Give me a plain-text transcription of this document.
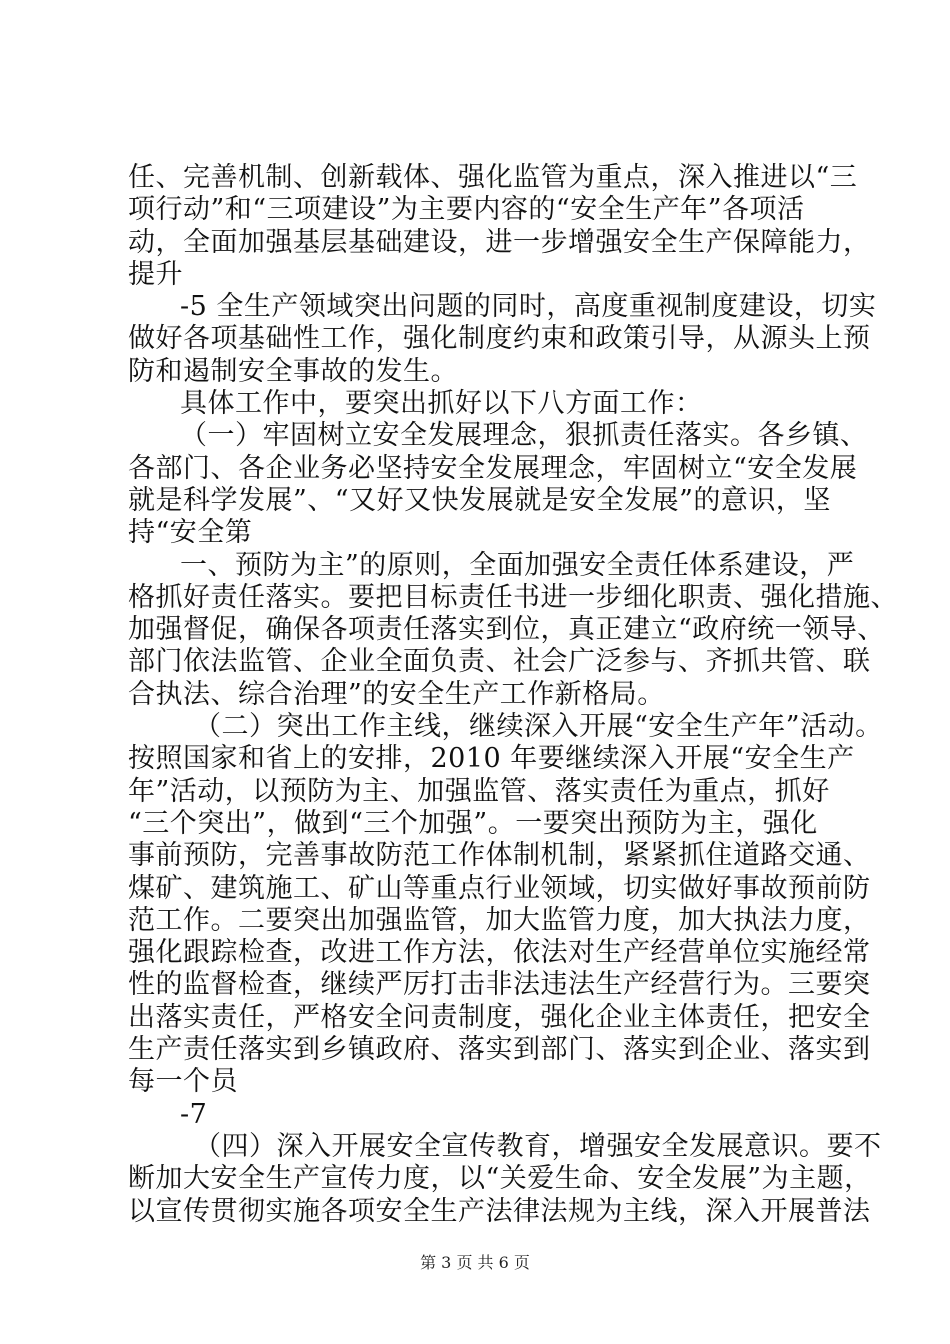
任、完善机制、创新载体、强化监管为重点，深入推进以“三
项行动”和“三项建设”为主要内容的“安全生产年”各项活
动，全面加强基层基础建设，进一步增强安全生产保障能力，
提升
-5 全生产领域突出问题的同时，高度重视制度建设，切实
做好各项基础性工作，强化制度约束和政策引导，从源头上预
防和遏制安全事故的发生。
具体工作中，要突出抓好以下八方面工作：
（一）牢固树立安全发展理念，狠抓责任落实。各乡镇、
各部门、各企业务必坚持安全发展理念，牢固树立“安全发展
就是科学发展”、“又好又快发展就是安全发展”的意识，坚
持“安全第
一、预防为主”的原则，全面加强安全责任体系建设，严
格抓好责任落实。要把目标责任书进一步细化职责、强化措施、
加强督促，确保各项责任落实到位，真正建立“政府统一领导、
部门依法监管、企业全面负责、社会广泛参与、齐抓共管、联
合执法、综合治理”的安全生产工作新格局。
（二）突出工作主线，继续深入开展“安全生产年”活动。
按照国家和省上的安排，2010 年要继续深入开展“安全生产
年”活动，以预防为主、加强监管、落实责任为重点，抓好
“三个突出”，做到“三个加强”。一要突出预防为主，强化
事前预防，完善事故防范工作体制机制，紧紧抓住道路交通、
煤矿、建筑施工、矿山等重点行业领域，切实做好事故预前防
范工作。二要突出加强监管，加大监管力度，加大执法力度，
强化跟踪检查，改进工作方法，依法对生产经营单位实施经常
性的监督检查，继续严厉打击非法违法生产经营行为。三要突
出落实责任，严格安全问责制度，强化企业主体责任，把安全
生产责任落实到乡镇政府、落实到部门、落实到企业、落实到
每一个员
-7
（四）深入开展安全宣传教育，增强安全发展意识。要不
断加大安全生产宣传力度，以“关爱生命、安全发展”为主题，
以宣传贯彻实施各项安全生产法律法规为主线，深入开展普法
第 3 页 共 6 页
